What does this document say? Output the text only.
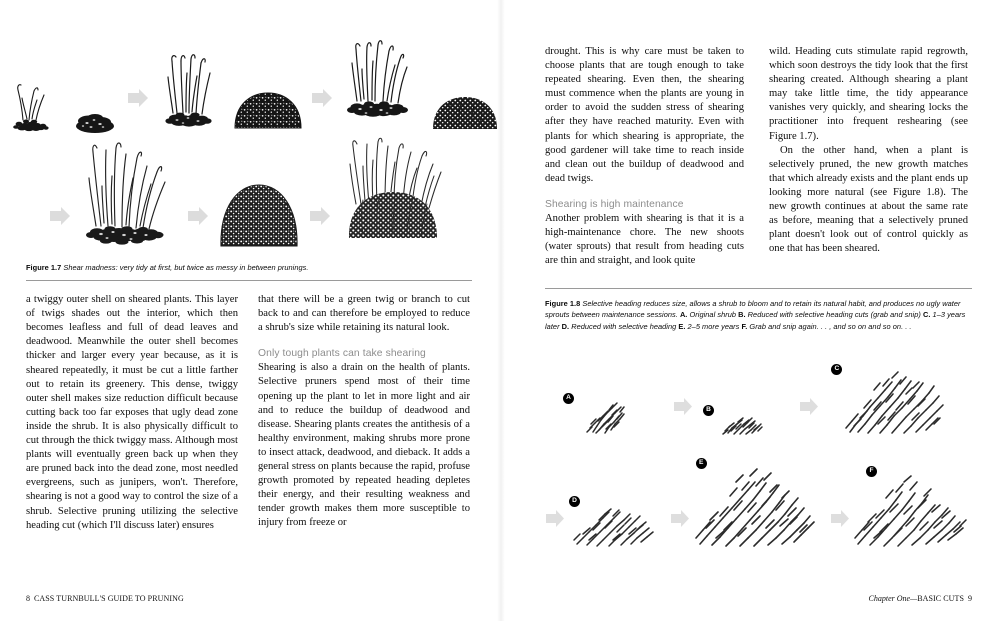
Figure 1.7 Shear madness: very tidy at first, but twice as messy in between prunings.

a twiggy outer shell on sheared plants. This layer of twigs shades out the interior, which then becomes leafless and full of dead leaves and deadwood. Meanwhile the outer shell becomes thicker and larger every year because, as it is sheared repeatedly, it must be cut a little farther out to retain its greenery. This dense, twiggy outer shell makes size reduction difficult because cutting back too far exposes that ugly dead zone inside the shrub. It is also physically difficult to cut through the thick twiggy mass. Although most plants will eventually green back up when they are pruned back into the dead zone, most needled evergreens, such as junipers, won't. Therefore, shearing is not a good way to control the size of a shrub. Selective pruning utilizing the selective heading cut (which I'll discuss later) ensures

that there will be a green twig or branch to cut back to and can therefore be employed to reduce a shrub's size while retaining its natural look.

Only tough plants can take shearing

Shearing is also a drain on the health of plants. Selective pruners spend most of their time opening up the plant to let in more light and air and to reduce the buildup of deadwood and disease. Shearing plants creates the antithesis of a healthy environment, making shrubs more prone to insect attack, deadwood, and dieback. It adds a general stress on plants because the rapid, profuse growth promoted by repeated heading depletes their energy, and their resulting weakness and tender growth makes them more susceptible to injury from freeze or

8 CASS TURNBULL'S GUIDE TO PRUNING

drought. This is why care must be taken to choose plants that are tough enough to take repeated shearing. Even then, the shearing must commence when the plants are young in order to avoid the sudden stress of shearing after they have reached maturity. Even with plants for which shearing is appropriate, the good gardener will take time to reach inside and clean out the buildup of deadwood and dead twigs.

Shearing is high maintenance

Another problem with shearing is that it is a high-maintenance chore. The new shoots (water sprouts) that result from heading cuts are thin and straight, and look quite

wild. Heading cuts stimulate rapid regrowth, which soon destroys the tidy look that the first shearing created. Although shearing a plant may take little time, the tidy appearance vanishes very quickly, and shearing locks the practitioner into frequent reshearing (see Figure 1.7).

On the other hand, when a plant is selectively pruned, the new growth matches that which already exists and the plant ends up looking more natural (see Figure 1.8). The new growth continues at about the same rate as before, meaning that a selectively pruned plant doesn't look out of control quickly as one that has been sheared.

Figure 1.8 Selective heading reduces size, allows a shrub to bloom and to retain its natural habit, and produces no ugly water sprouts between maintenance sessions. A. Original shrub B. Reduced with selective heading cuts (grab and snip) C. 1–3 years later D. Reduced with selective heading E. 2–5 more years F. Grab and snip again. . . , and so on and so on. . .

A
B
C
D
E
F
Chapter One—BASIC CUTS 9
